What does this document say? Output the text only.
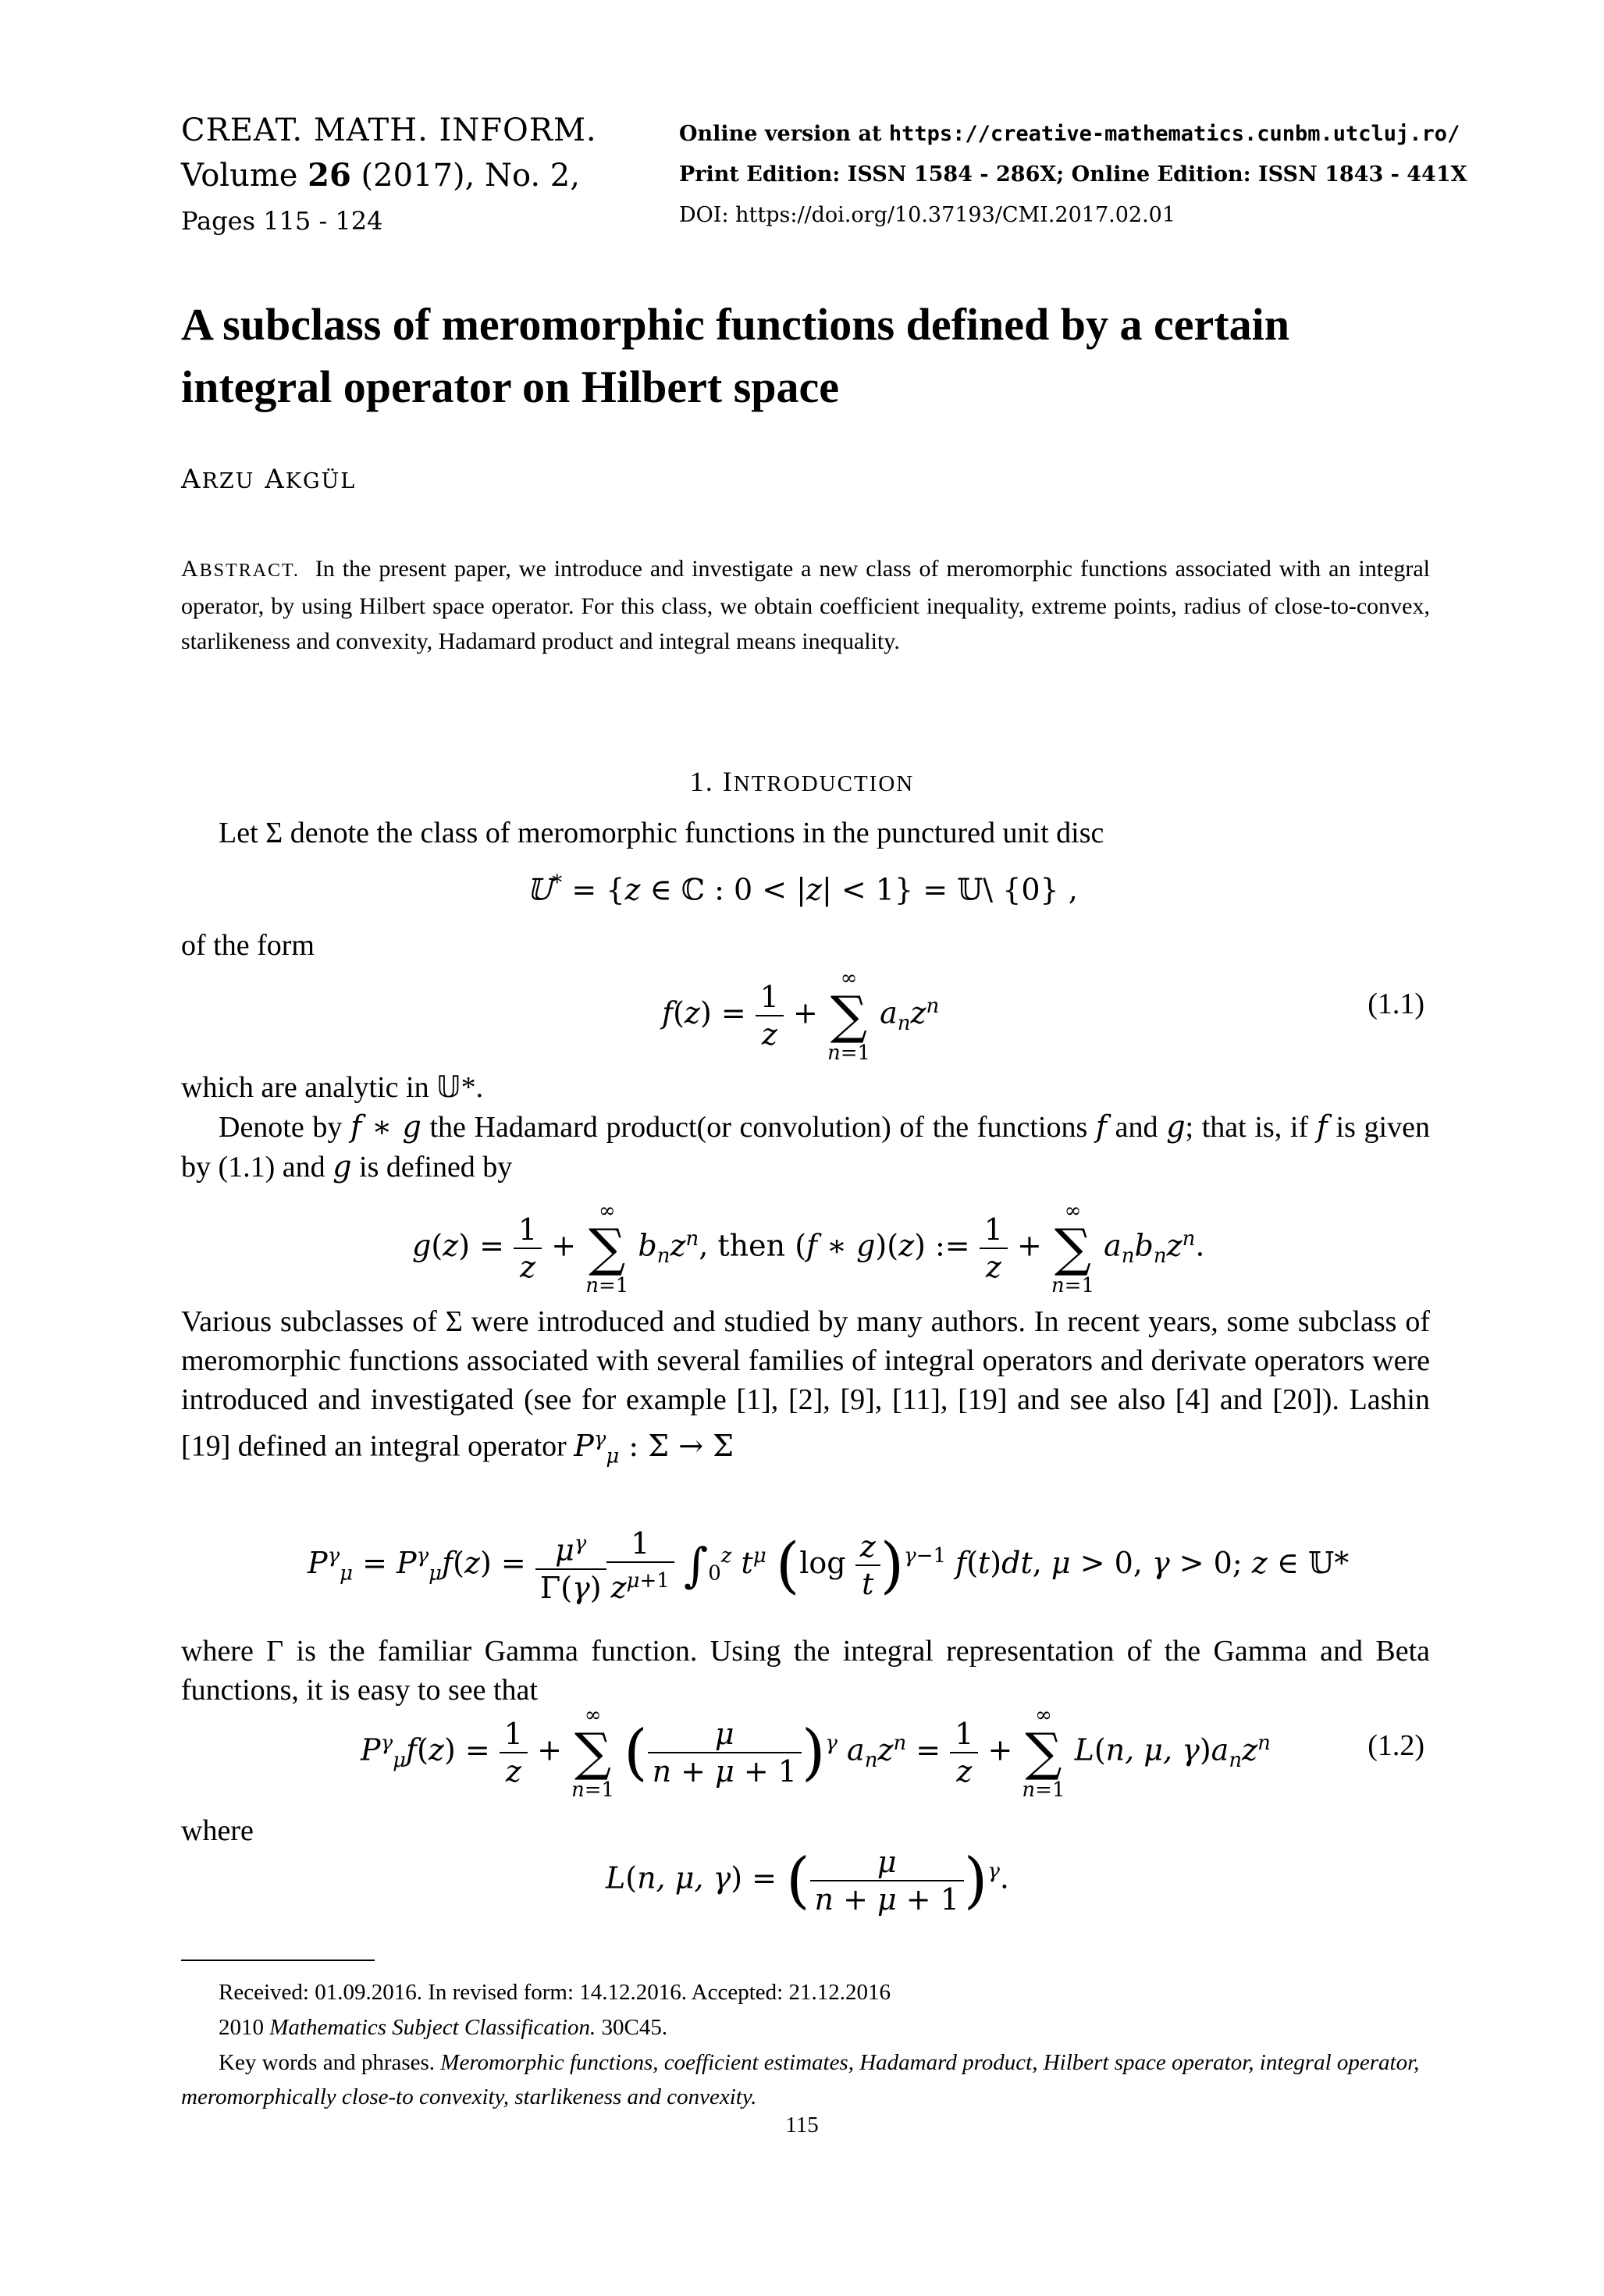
CREAT. MATH. INFORM.
Volume 26 (2017), No. 2,
Pages 115 - 124
Online version at https://creative-mathematics.cunbm.utcluj.ro/
Print Edition: ISSN 1584 - 286X; Online Edition: ISSN 1843 - 441X
DOI: https://doi.org/10.37193/CMI.2017.02.01
A subclass of meromorphic functions defined by a certain
integral operator on Hilbert space
ARZU AKGÜL
ABSTRACT. In the present paper, we introduce and investigate a new class of meromorphic functions associated with an integral operator, by using Hilbert space operator. For this class, we obtain coefficient inequality, extreme points, radius of close-to-convex, starlikeness and convexity, Hadamard product and integral means inequality.
1. INTRODUCTION
Let Σ denote the class of meromorphic functions in the punctured unit disc
𝕌* = {z ∈ ℂ : 0 < |z| < 1} = 𝕌\ {0} ,
of the form
$f(z) = \frac{1}{z}$ +
∞
∑
n=1
$a_nz^n$	(1.1)
which are analytic in 𝕌*.
Denote by f ∗ g the Hadamard product(or convolution) of the functions f and g; that is, if f is given by (1.1) and g is defined by
$g(z) = \frac{1}{z}$ +
∞
∑
n=1
$b_nz^n$, then (f ∗ g)(z) := $\frac{1}{z}$ +
∞
∑
n=1
$a_nb_nz^n$.
Various subclasses of Σ were introduced and studied by many authors. In recent years, some subclass of meromorphic functions associated with several families of integral operators and derivate operators were introduced and investigated (see for example [1], [2], [9], [11], [19] and see also [4] and [20]). Lashin [19] defined an integral operator $P^\gamma_\mu$ : Σ → Σ
$P^\gamma_\mu = P^\gamma_\mu f(z) = \frac{\mu^\gamma}{\Gamma(\gamma)} \frac{1}{z^{\mu+1}} \int_0^z$ $t^\mu$ $(\log \frac{z}{t} )^{\gamma-1}$ f(t)dt, μ > 0, γ > 0; z ∈ 𝕌*
where Γ is the familiar Gamma function. Using the integral representation of the Gamma and Beta functions, it is easy to see that
$P^\gamma_\mu f(z) = \frac{1}{z}$ +
∞
∑
n=1
( $\frac{\mu}{n + \mu + 1} )^\gamma$ $a_nz^n = \frac{1}{z}$ +
∞
∑
n=1
L(n, μ, $\gamma)a_nz^n$	(1.2)
where
L(n, μ, γ) = ( $\frac{\mu}{n + \mu + 1} )^\gamma$.
Received: 01.09.2016. In revised form: 14.12.2016. Accepted: 21.12.2016
2010 Mathematics Subject Classification. 30C45.
Key words and phrases. Meromorphic functions, coefficient estimates, Hadamard product, Hilbert space operator, integral operator, meromorphically close-to convexity, starlikeness and convexity.
115
